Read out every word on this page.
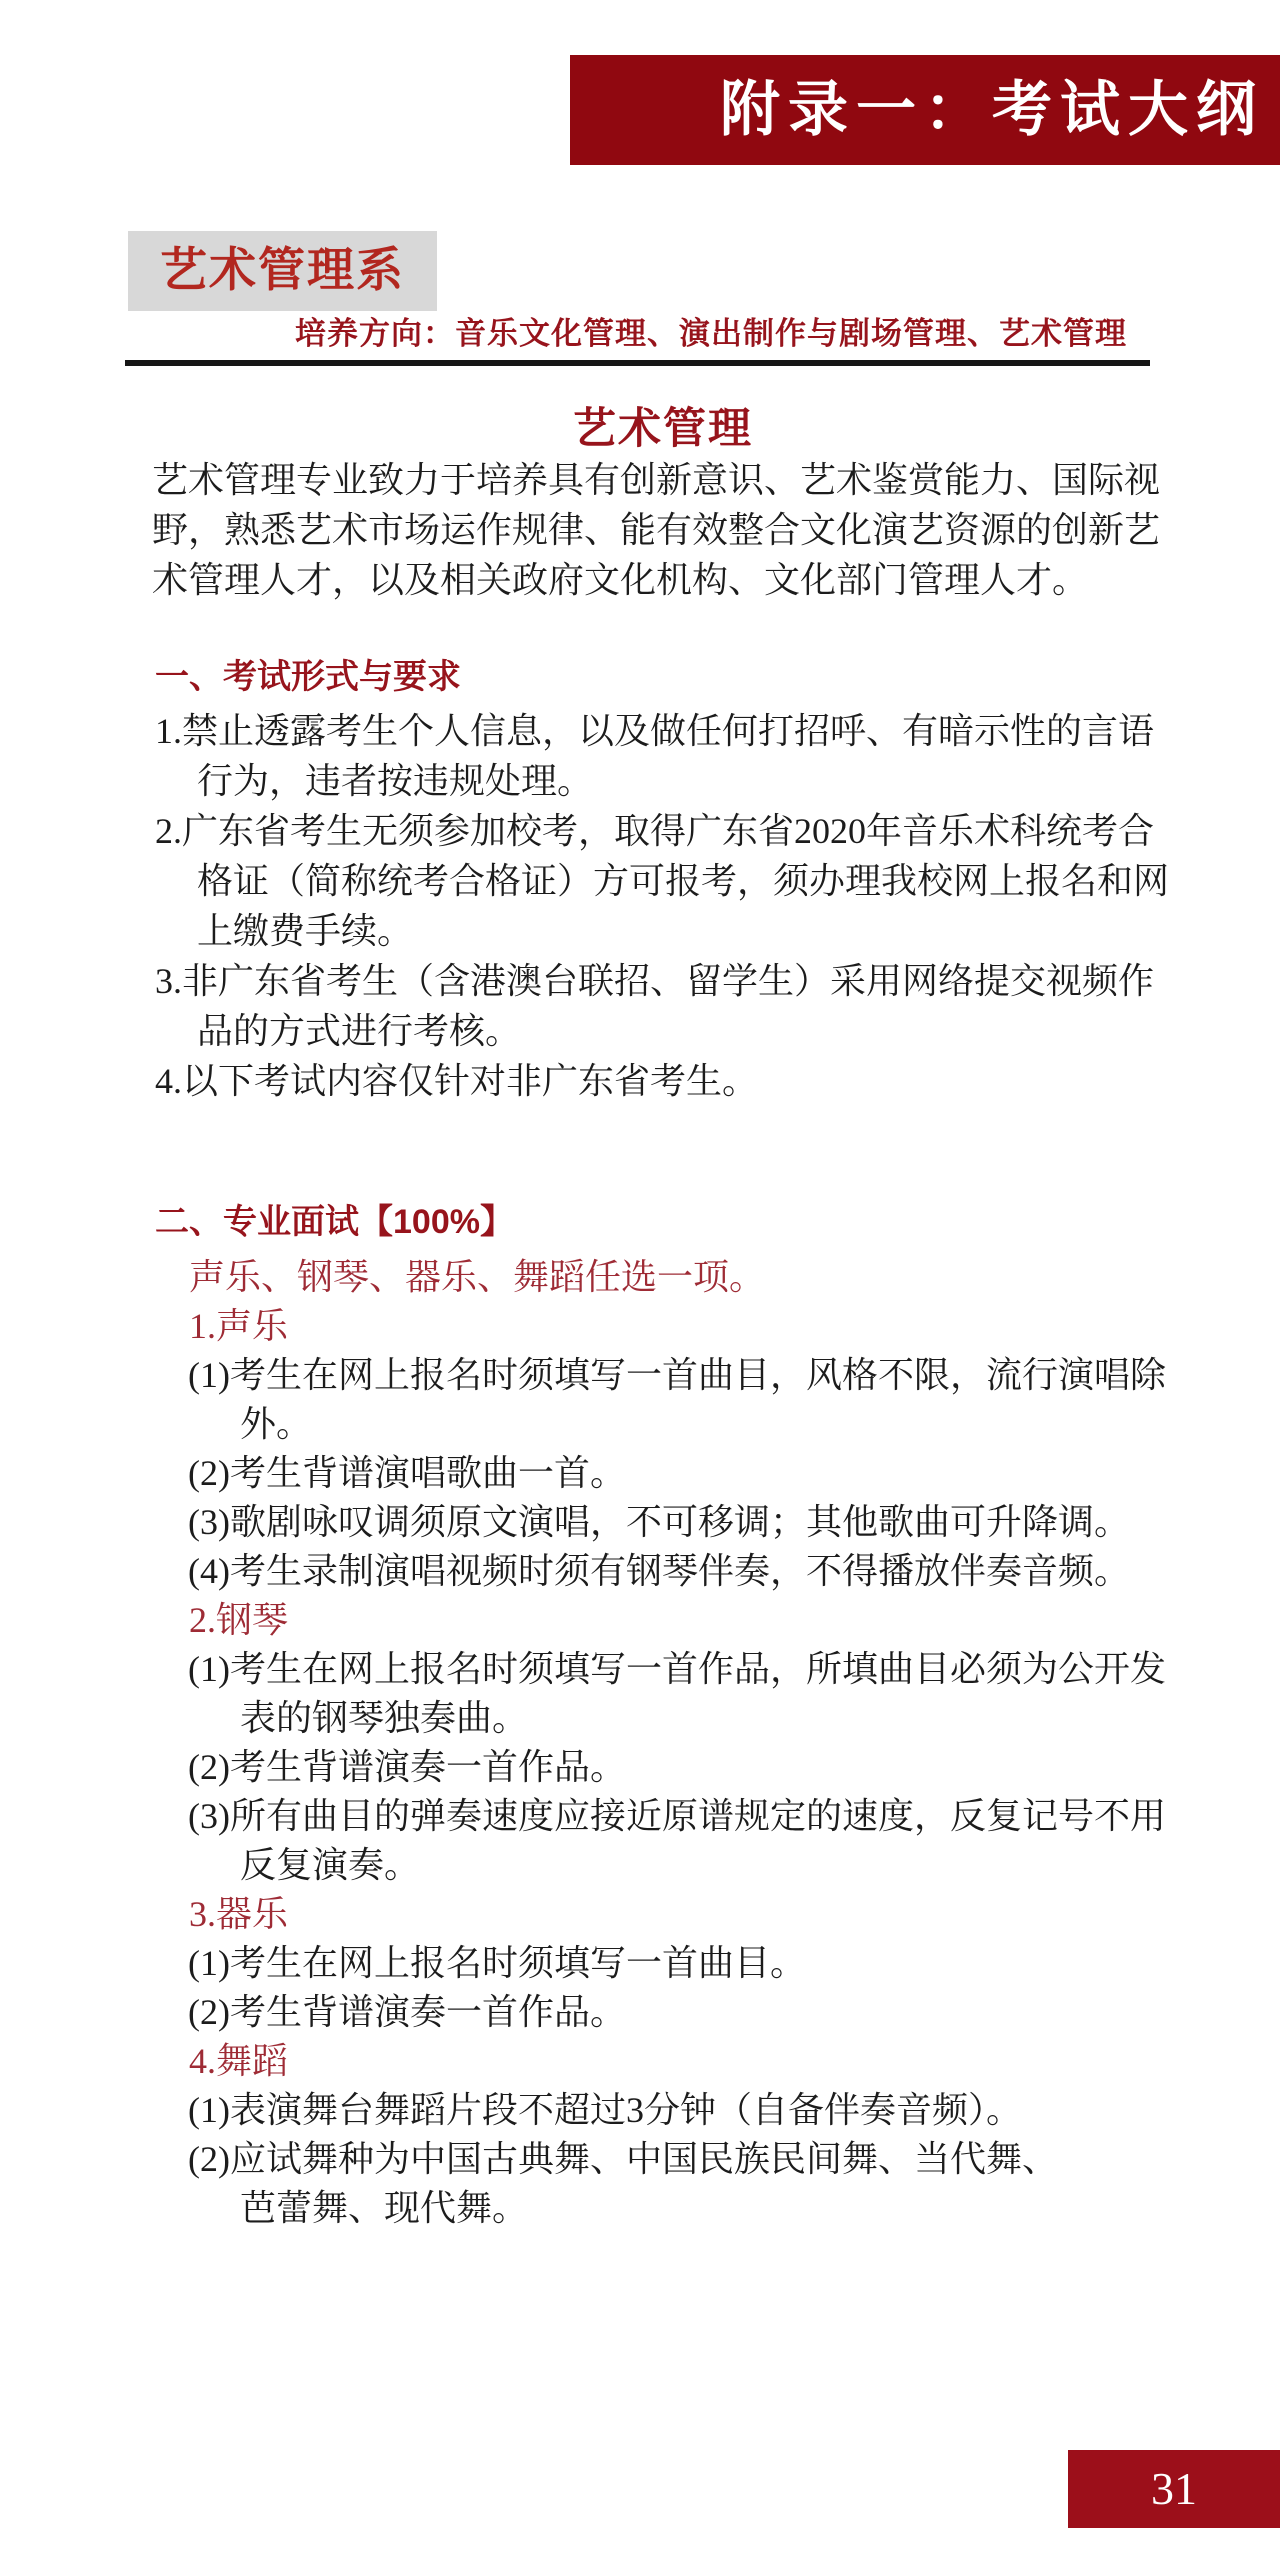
附录一：考试大纲
艺术管理系
培养方向：音乐文化管理、演出制作与剧场管理、艺术管理
艺术管理
艺术管理专业致力于培养具有创新意识、艺术鉴赏能力、国际视
野，熟悉艺术市场运作规律、能有效整合文化演艺资源的创新艺
术管理人才，以及相关政府文化机构、文化部门管理人才。
一、考试形式与要求
1.禁止透露考生个人信息，以及做任何打招呼、有暗示性的言语
行为，违者按违规处理。
2.广东省考生无须参加校考，取得广东省2020年音乐术科统考合
格证（简称统考合格证）方可报考，须办理我校网上报名和网
上缴费手续。
3.非广东省考生（含港澳台联招、留学生）采用网络提交视频作
品的方式进行考核。
4.以下考试内容仅针对非广东省考生。
二、专业面试【100%】
声乐、钢琴、器乐、舞蹈任选一项。
1.声乐
(1)考生在网上报名时须填写一首曲目，风格不限，流行演唱除
外。
(2)考生背谱演唱歌曲一首。
(3)歌剧咏叹调须原文演唱，不可移调；其他歌曲可升降调。
(4)考生录制演唱视频时须有钢琴伴奏，不得播放伴奏音频。
2.钢琴
(1)考生在网上报名时须填写一首作品，所填曲目必须为公开发
表的钢琴独奏曲。
(2)考生背谱演奏一首作品。
(3)所有曲目的弹奏速度应接近原谱规定的速度，反复记号不用
反复演奏。
3.器乐
(1)考生在网上报名时须填写一首曲目。
(2)考生背谱演奏一首作品。
4.舞蹈
(1)表演舞台舞蹈片段不超过3分钟（自备伴奏音频）。
(2)应试舞种为中国古典舞、中国民族民间舞、当代舞、
芭蕾舞、现代舞。
31
